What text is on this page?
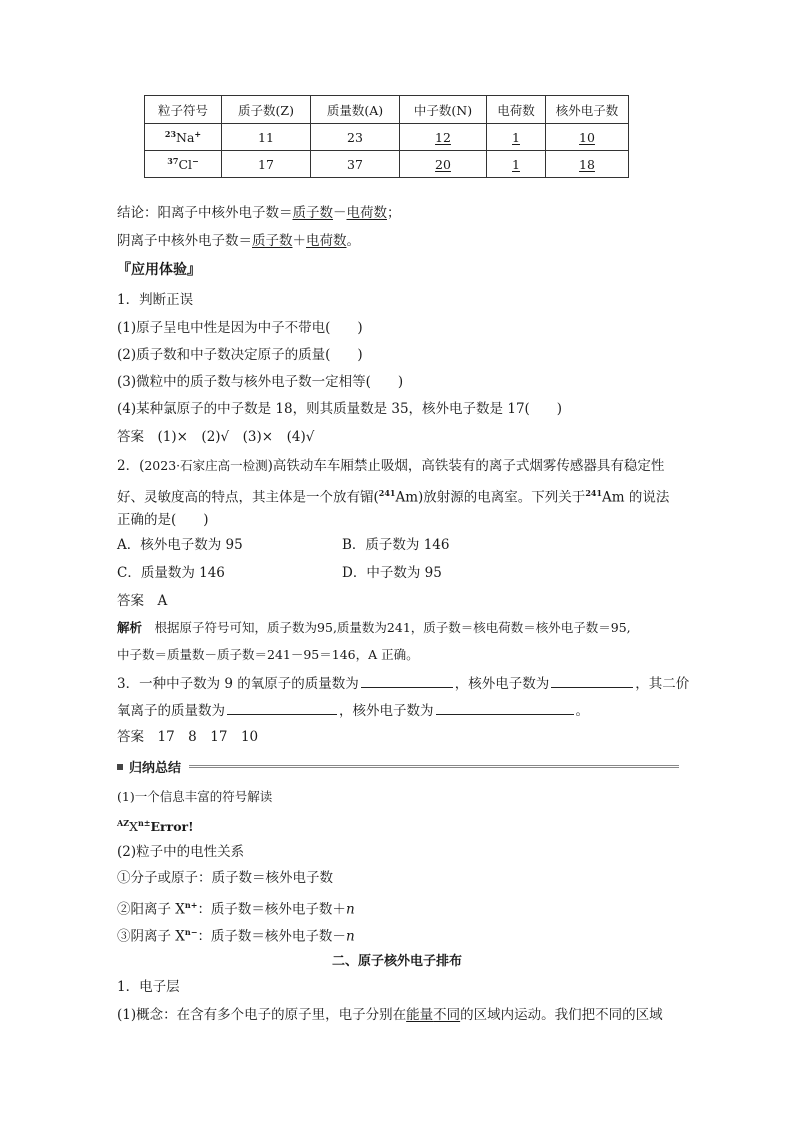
粒子符号	质子数(Z)	质量数(A)	中子数(N)	电荷数	核外电子数
$^{23}$Na+	11	23	12	1	10
$^{37}$Cl−	17	37	20	1	18
结论：阳离子中核外电子数＝质子数－电荷数；
阴离子中核外电子数＝质子数＋电荷数。
『应用体验』
1．判断正误
(1)原子呈电中性是因为中子不带电(　　)
(2)质子数和中子数决定原子的质量(　　)
(3)微粒中的质子数与核外电子数一定相等(　　)
(4)某种氯原子的中子数是 18，则其质量数是 35，核外电子数是 17(　　)
答案　(1)×　(2)√　(3)×　(4)√
2．(2023·石家庄高一检测)高铁动车车厢禁止吸烟，高铁装有的离子式烟雾传感器具有稳定性
好、灵敏度高的特点，其主体是一个放有镅($^{241}$Am)放射源的电离室。下列关于$^{241}$Am 的说法
正确的是(　　)
A．核外电子数为 95	B．质子数为 146
C．质量数为 146	D．中子数为 95
答案　A
解析　 根据原子符号可知，质子数为95,质量数为241，质子数＝核电荷数＝核外电子数＝95,
中子数＝质量数－质子数＝241－95＝146，A 正确。
3．一种中子数为 9 的氧原子的质量数为	，核外电子数为	，其二价
氧离子的质量数为	，核外电子数为	。
答案　17　8　17　10
归纳总结
(1)一个信息丰富的符号解读
$^{AZ}X^{n\pm}Error$!
(2)粒子中的电性关系
①分子或原子：质子数＝核外电子数
②阳离子 $X^{n+}$：质子数＝核外电子数＋n
③阴离子 $X^{n-}$：质子数＝核外电子数－n
二、原子核外电子排布
1．电子层
(1)概念：在含有多个电子的原子里，电子分别在能量不同的区域内运动。我们把不同的区域
